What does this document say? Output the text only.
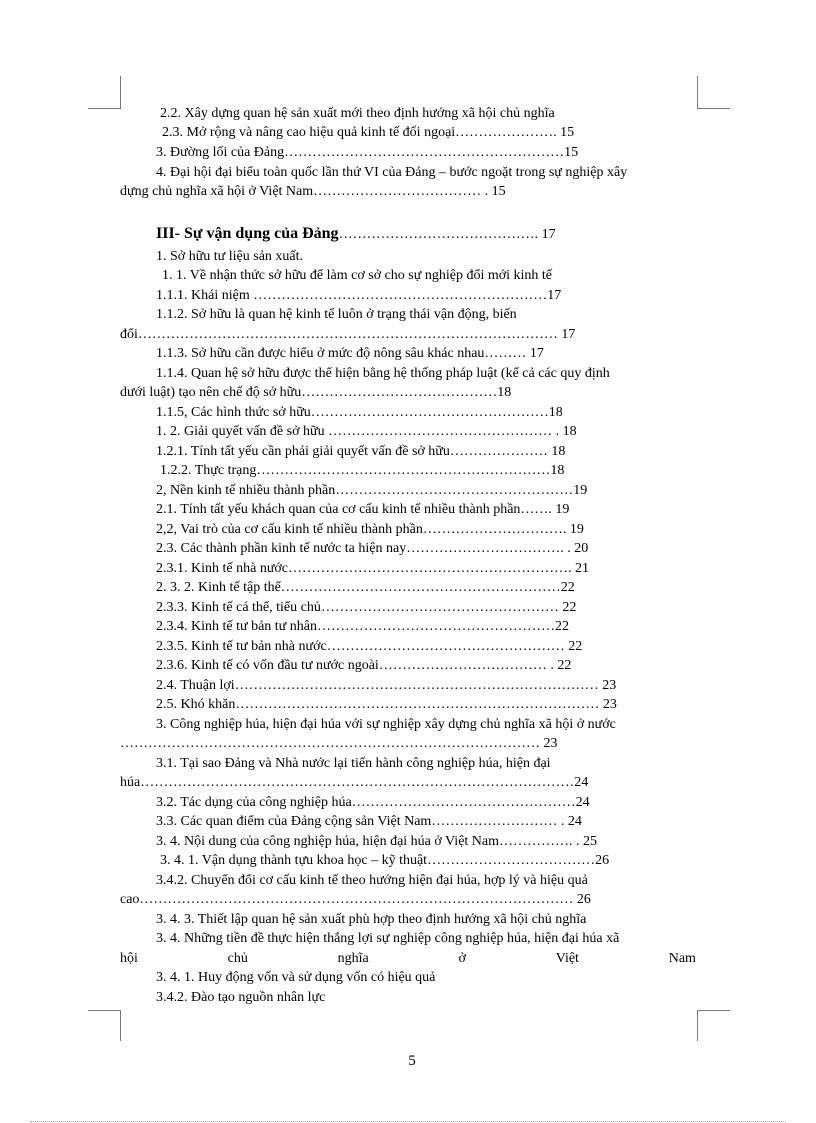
2.2. Xây dựng quan hệ sản xuất mới theo định hướng xã hội chủ nghĩa
2.3. Mở rộng và nâng cao hiệu quả kinh tế đối ngoại…………………. 15
3. Đường lối của Đảng……………………………………………………15
4. Đại hội đại biểu toàn quốc lần thứ VI của Đảng – bước ngoặt trong sự nghiệp xây
dựng chủ nghĩa xã hội ở Việt Nam……………………………… . 15
III- Sự vận dụng của Đảng……………………………………. 17
1. Sở hữu tư liệu sản xuất.
1. 1. Về nhận thức sở hữu để làm cơ sở cho sự nghiệp đổi mới kinh tế
1.1.1. Khái niệm ………………………………………………………17
1.1.2. Sở hữu là quan hệ kinh tế luôn ở trạng thái vận động, biến
đổi……………………………………………………………………………… 17
1.1.3. Sở hữu cần được hiểu ở mức độ nông sâu khác nhau……… 17
1.1.4. Quan hệ sở hữu được thể hiện bằng hệ thống pháp luật (kể cả các quy định
dưới luật) tạo nên chế độ sở hữu……………………………………18
1.1.5, Các hình thức sở hữu……………………………………………18
1. 2. Giải quyết vấn đề sở hữu ………………………………………… . 18
1.2.1. Tính tất yếu cần phải giải quyết vấn đề sở hữu………………… 18
1.2.2. Thực trạng………………………………………………………18
2, Nền kinh tế nhiều thành phần……………………………………………19
2.1. Tính tất yếu khách quan của cơ cấu kinh tế nhiều thành phần……. 19
2,2, Vai trò của cơ cấu kinh tế nhiều thành phần…………………………. 19
2.3. Các thành phần kinh tế nước ta hiện nay……………………………. . 20
2.3.1. Kinh tế nhà nước……………………………………………………. 21
2. 3. 2. Kinh tế tập thể……………………………………………………22
2.3.3. Kinh tế cá thể, tiểu chủ…………………………………………… 22
2.3.4. Kinh tế tư bản tư nhân……………………………………………22
2.3.5. Kinh tế tư bản nhà nước…………………………………………… 22
2.3.6. Kinh tế có vốn đầu tư nước ngoài……………………………… . 22
2.4. Thuận lợi…………………………………………………………………… 23
2.5. Khó khăn…………………………………………………………………… 23
3. Công nghiệp húa, hiện đại húa với sự nghiệp xây dựng chủ nghĩa xã hội ở nước
……………………………………………………………………………… 23
3.1. Tại sao Đảng và Nhà nước lại tiến hành công nghiệp húa, hiện đại
húa…………………………………………………………………………………24
3.2. Tác dụng của công nghiệp húa…………………………………………24
3.3. Các quan điểm của Đảng cộng sản Việt Nam……………………… . 24
3. 4. Nội dung của công nghiệp húa, hiện đại húa ở Việt Nam……………. . 25
3. 4. 1. Vận dụng thành tựu khoa học – kỹ thuật………………………………26
3.4.2. Chuyển đổi cơ cấu kinh tế theo hướng hiện đại húa, hợp lý và hiệu quả
cao………………………………………………………………………………… 26
3. 4. 3. Thiết lập quan hệ sản xuất phù hợp theo định hướng xã hội chủ nghĩa
3. 4. Những tiền đề thực hiện thắng lợi sự nghiệp công nghiệp húa, hiện đại húa xã
hội	chủ	nghĩa	ở	Việt	Nam
3. 4. 1. Huy động vốn và sử dụng vốn có hiệu quả
3.4.2. Đào tạo nguồn nhân lực
5
